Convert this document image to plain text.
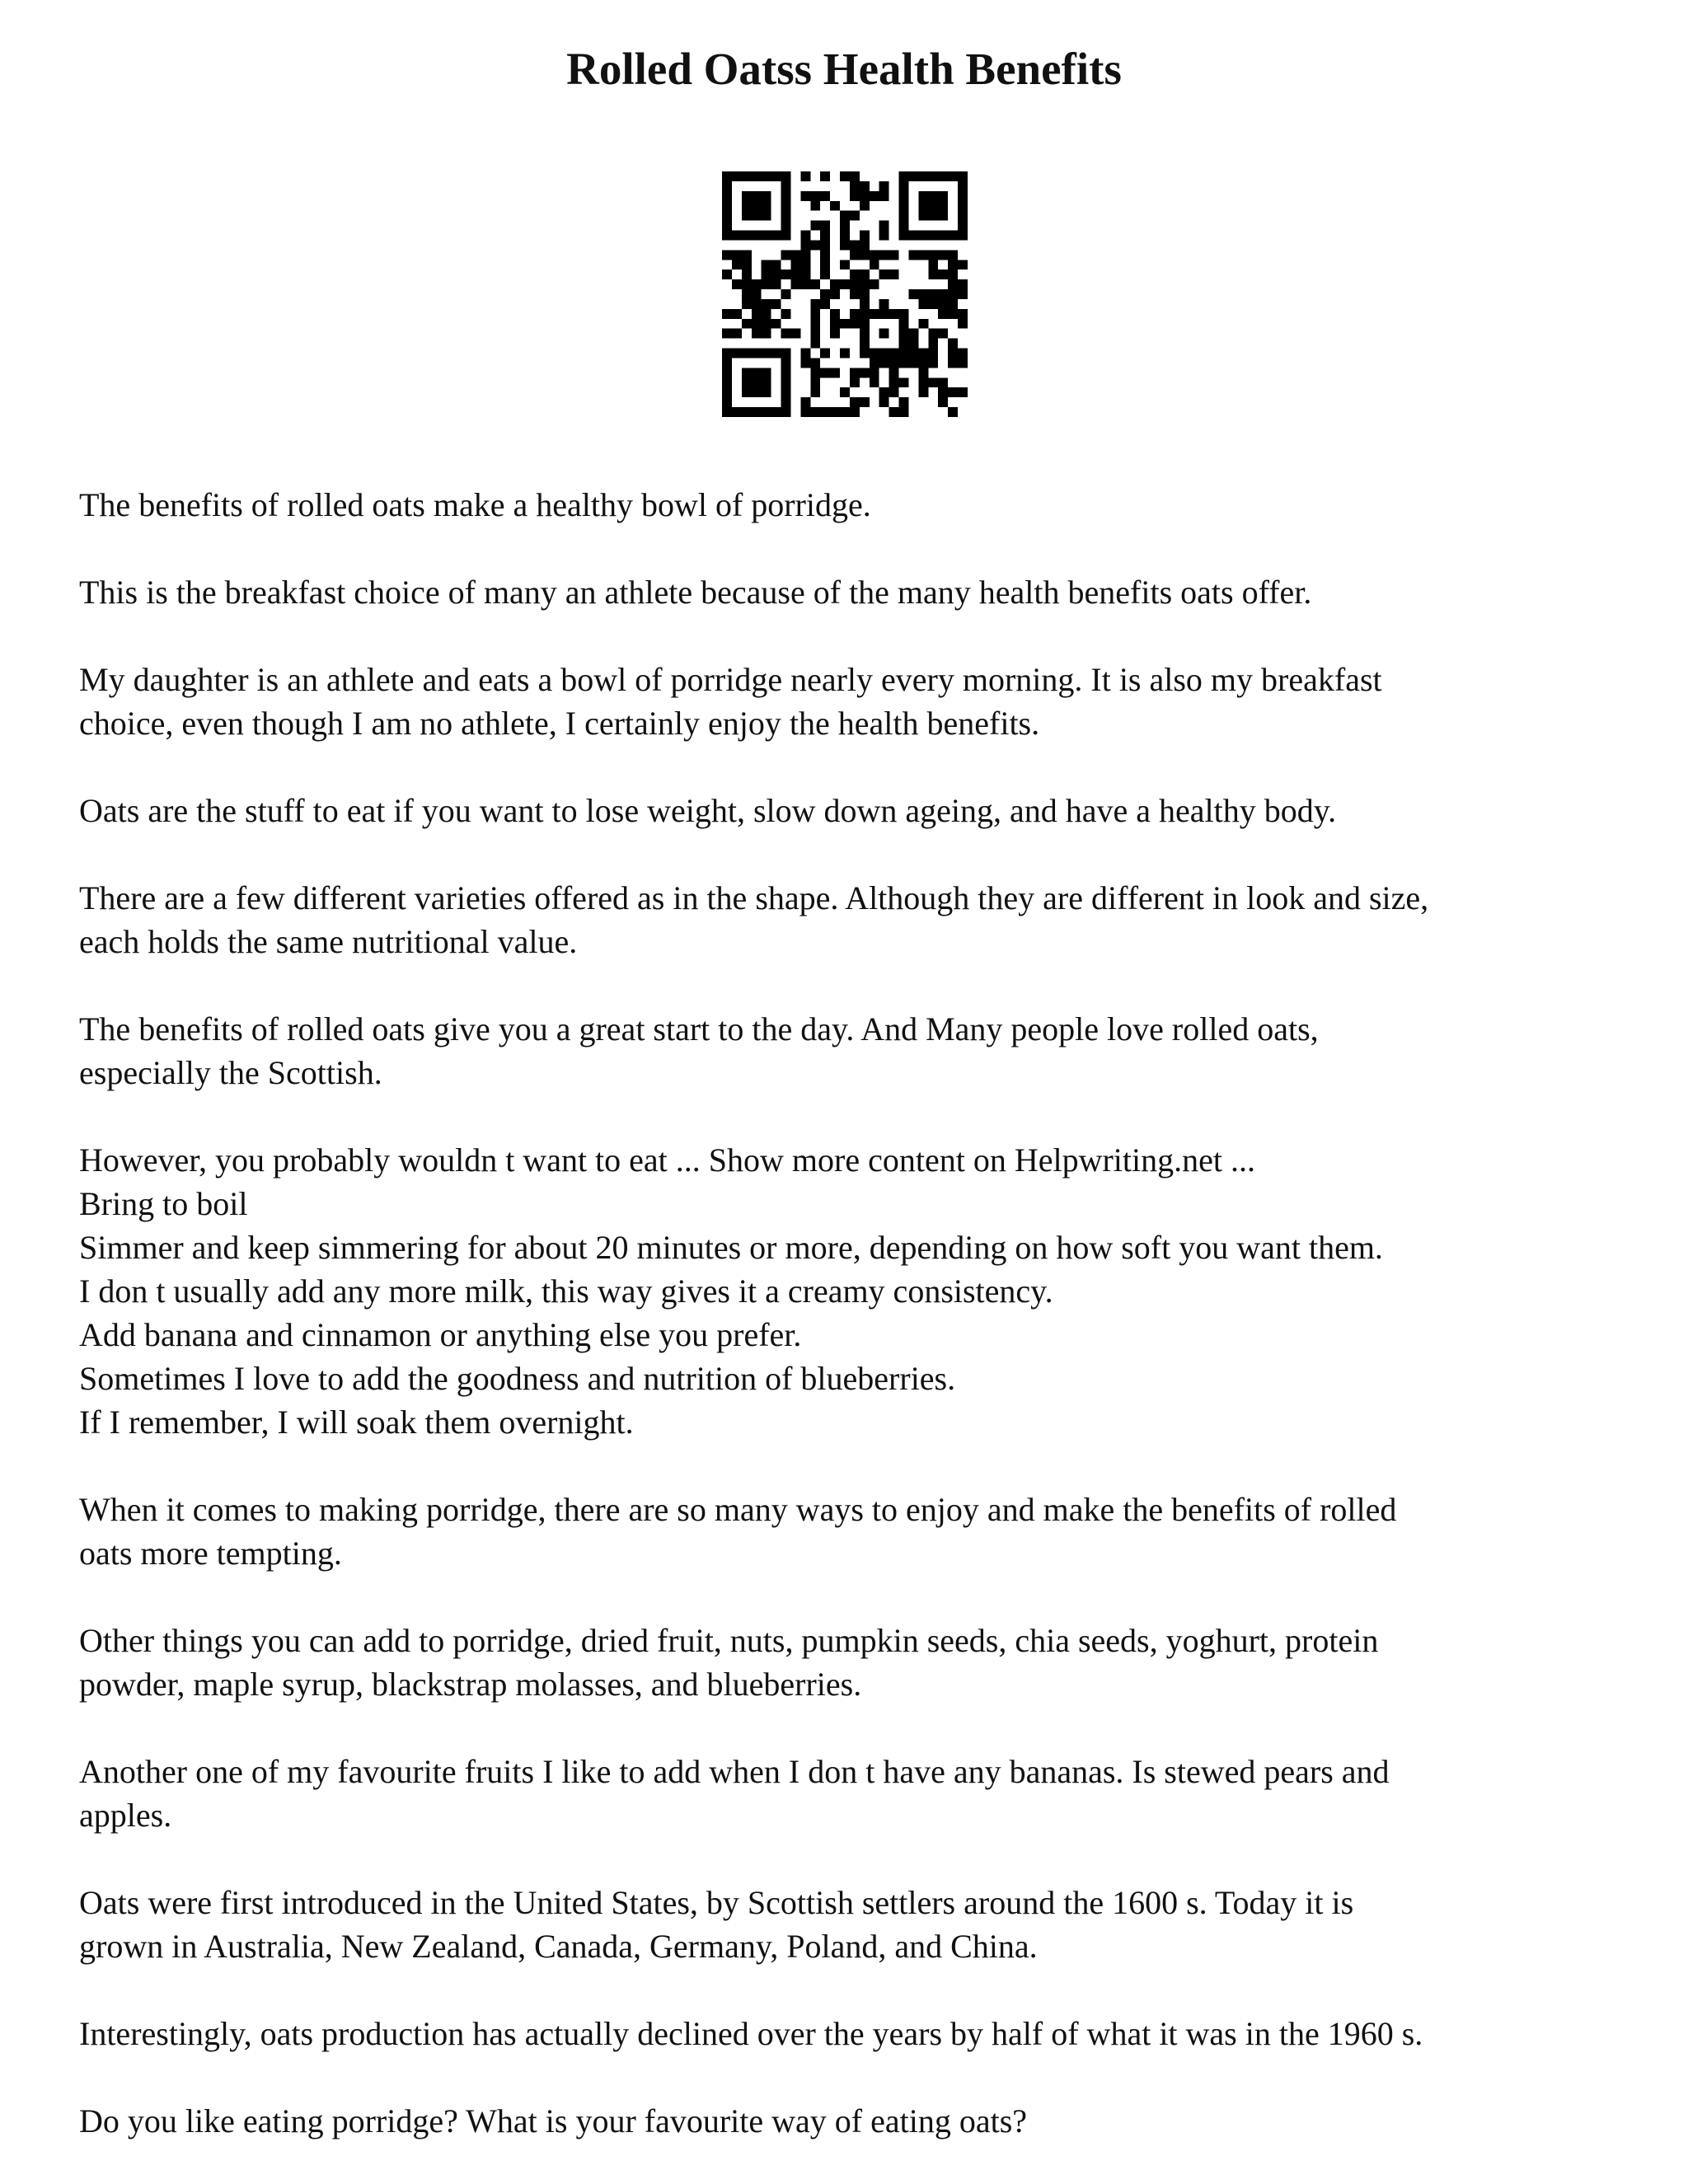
Rolled Oatss Health Benefits

The benefits of rolled oats make a healthy bowl of porridge.

This is the breakfast choice of many an athlete because of the many health benefits oats offer.

My daughter is an athlete and eats a bowl of porridge nearly every morning. It is also my breakfast
choice, even though I am no athlete, I certainly enjoy the health benefits.

Oats are the stuff to eat if you want to lose weight, slow down ageing, and have a healthy body.

There are a few different varieties offered as in the shape. Although they are different in look and size,
each holds the same nutritional value.

The benefits of rolled oats give you a great start to the day. And Many people love rolled oats,
especially the Scottish.

However, you probably wouldn t want to eat ... Show more content on Helpwriting.net ...
Bring to boil
Simmer and keep simmering for about 20 minutes or more, depending on how soft you want them.
I don t usually add any more milk, this way gives it a creamy consistency.
Add banana and cinnamon or anything else you prefer.
Sometimes I love to add the goodness and nutrition of blueberries.
If I remember, I will soak them overnight.

When it comes to making porridge, there are so many ways to enjoy and make the benefits of rolled
oats more tempting.

Other things you can add to porridge, dried fruit, nuts, pumpkin seeds, chia seeds, yoghurt, protein
powder, maple syrup, blackstrap molasses, and blueberries.

Another one of my favourite fruits I like to add when I don t have any bananas. Is stewed pears and
apples.

Oats were first introduced in the United States, by Scottish settlers around the 1600 s. Today it is
grown in Australia, New Zealand, Canada, Germany, Poland, and China.

Interestingly, oats production has actually declined over the years by half of what it was in the 1960 s.

Do you like eating porridge? What is your favourite way of eating oats?
